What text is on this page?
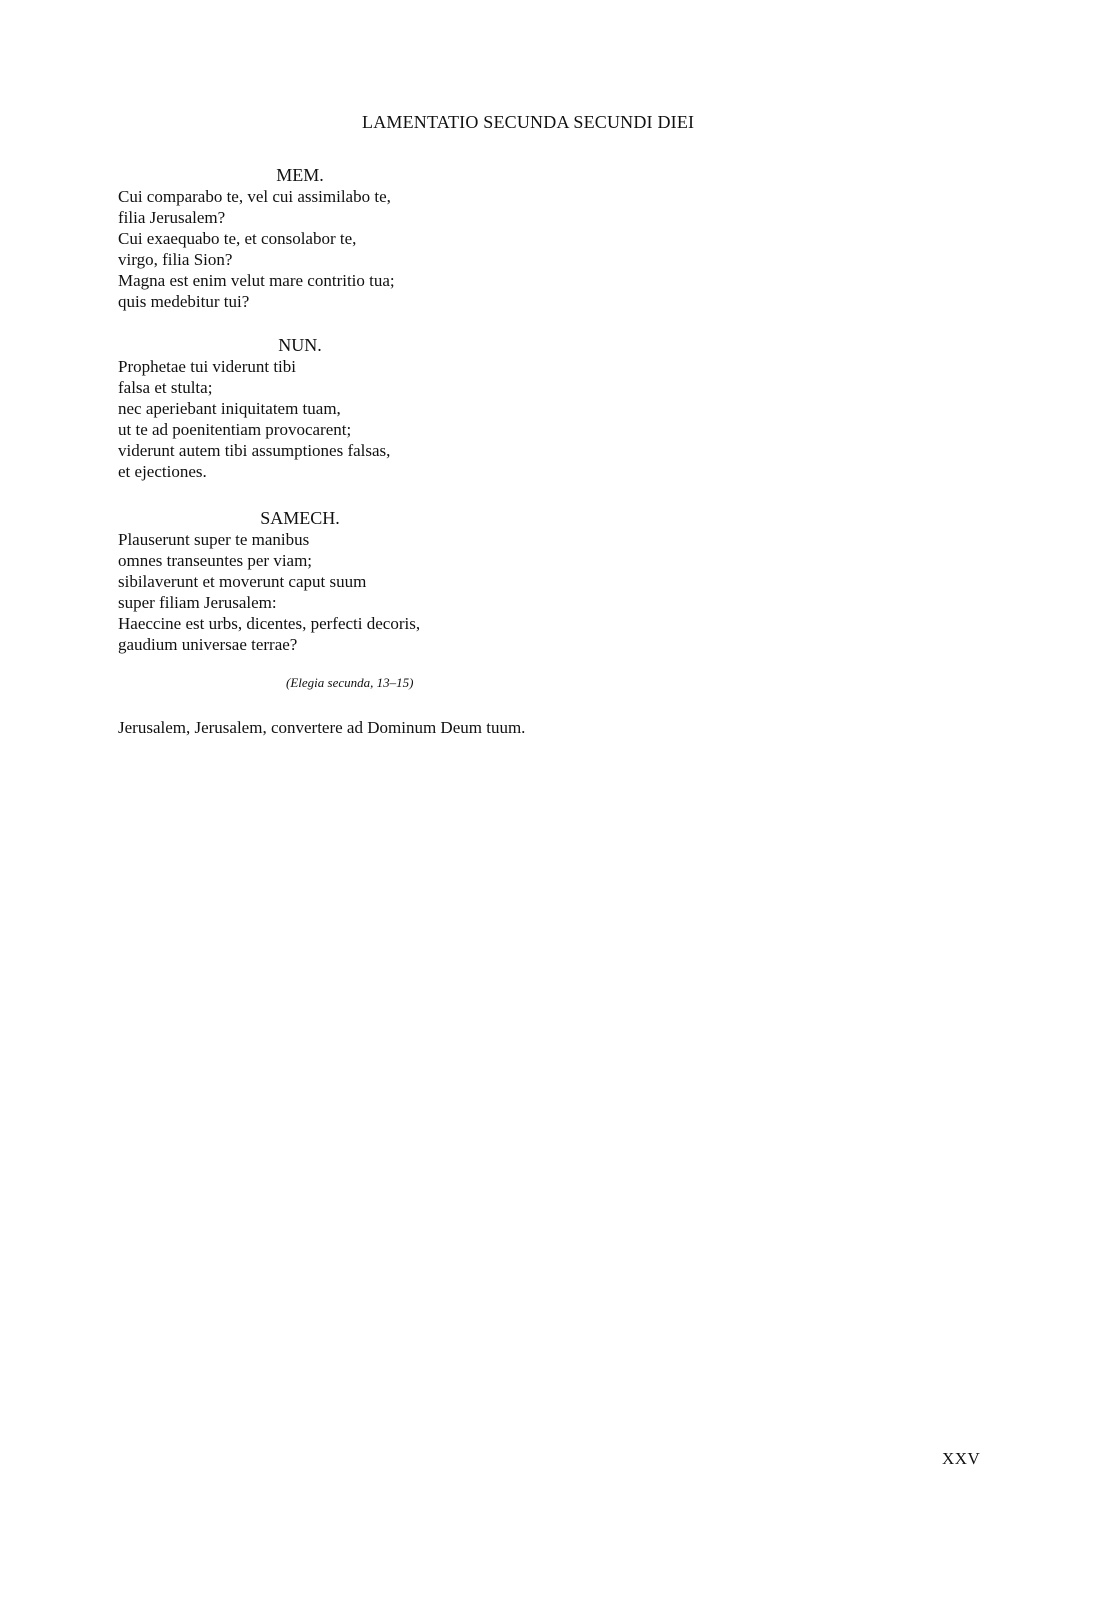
LAMENTATIO SECUNDA SECUNDI DIEI
MEM.
Cui comparabo te, vel cui assimilabo te,
filia Jerusalem?
Cui exaequabo te, et consolabor te,
virgo, filia Sion?
Magna est enim velut mare contritio tua;
quis medebitur tui?
NUN.
Prophetae tui viderunt tibi
falsa et stulta;
nec aperiebant iniquitatem tuam,
ut te ad poenitentiam provocarent;
viderunt autem tibi assumptiones falsas,
et ejectiones.
SAMECH.
Plauserunt super te manibus
omnes transeuntes per viam;
sibilaverunt et moverunt caput suum
super filiam Jerusalem:
Haeccine est urbs, dicentes, perfecti decoris,
gaudium universae terrae?
(Elegia secunda, 13–15)
Jerusalem, Jerusalem, convertere ad Dominum Deum tuum.
XXV
